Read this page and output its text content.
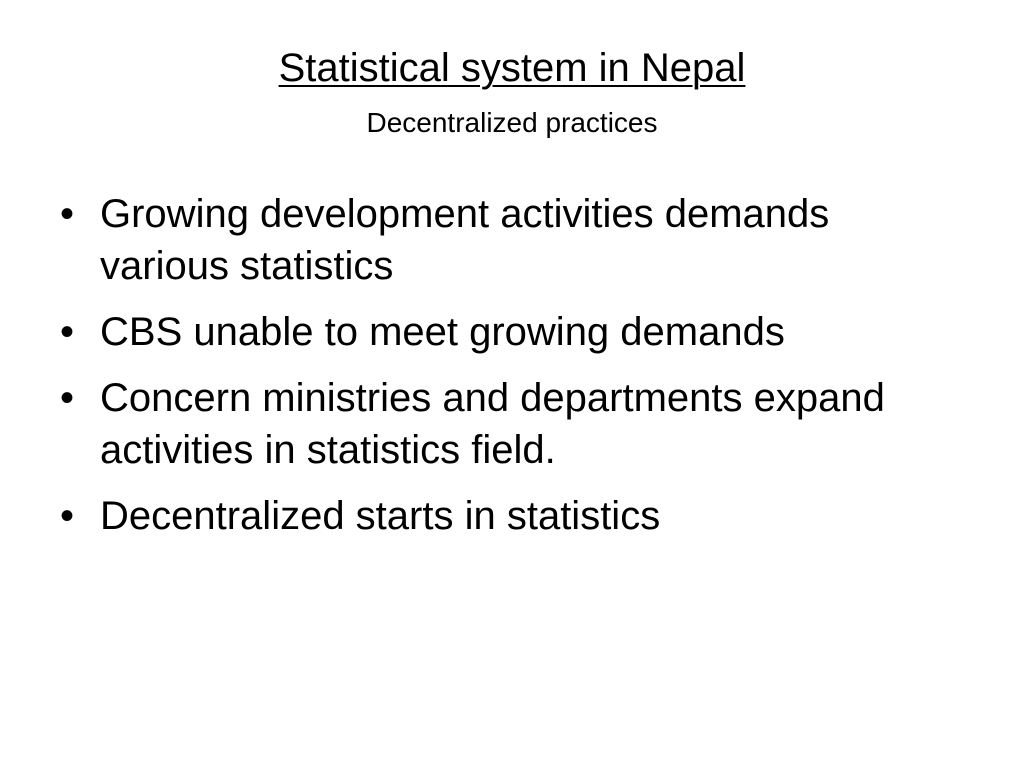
Statistical system in Nepal
Decentralized practices
• Growing development activities demands various statistics
• CBS unable to meet growing demands
• Concern ministries and departments expand activities in statistics field.
• Decentralized starts in statistics
